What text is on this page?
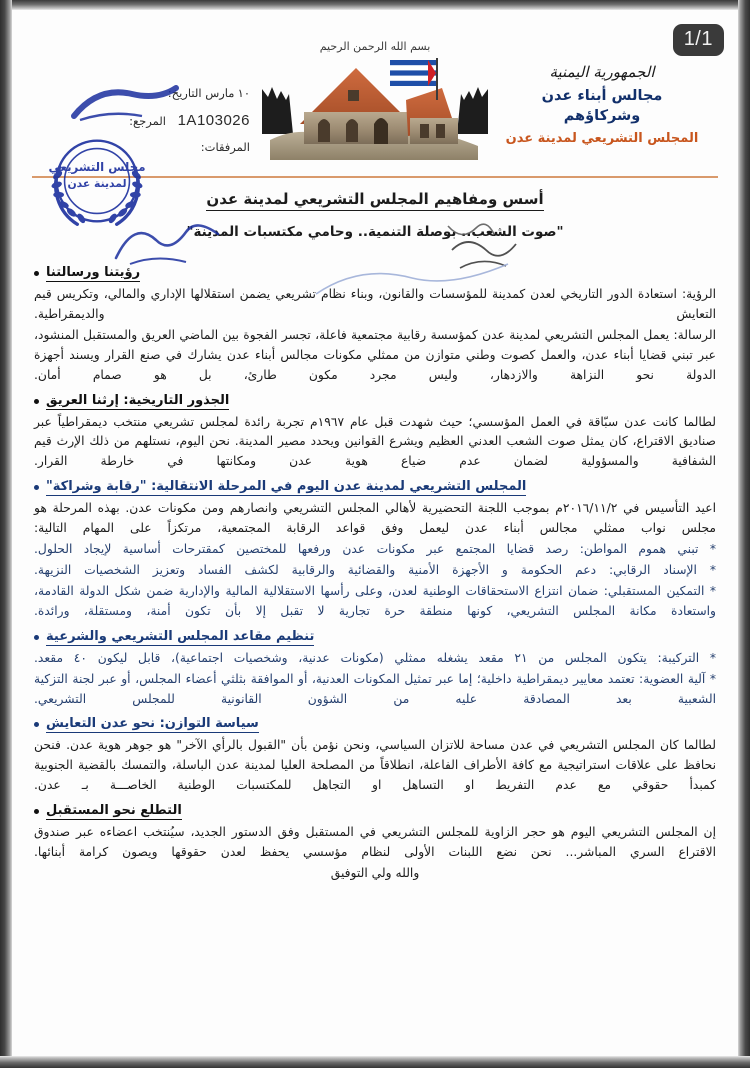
1/1
بسم الله الرحمن الرحيم
الجمهورية اليمنية
مجالس أبناء عدن وشركاؤهم
المجلس التشريعي لمدينة عدن
١٠ مارس التاريخ:
1A103026 المرجع:
المرفقات:
مجلس التشريعي
لمدينة عدن
أسس ومفاهيم المجلس التشريعي لمدينة عدن
"صوت الشعب.. بوصلة التنمية.. وحامي مكتسبات المدينة"
رؤيتنا ورسالتنا

الرؤية: استعادة الدور التاريخي لعدن كمدينة للمؤسسات والقانون، وبناء نظام تشريعي يضمن استقلالها الإداري والمالي، وتكريس قيم التعايش والديمقراطية.

الرسالة: يعمل المجلس التشريعي لمدينة عدن كمؤسسة رقابية مجتمعية فاعلة، تجسر الفجوة بين الماضي العريق والمستقبل المنشود، عبر تبني قضايا أبناء عدن، والعمل كصوت وطني متوازن من ممثلي مكونات مجالس أبناء عدن يشارك في صنع القرار ويسند أجهزة الدولة نحو النزاهة والازدهار، وليس مجرد مكون طارئ، بل هو صمام أمان.

الجذور التاريخية: إرثنا العريق

لطالما كانت عدن سبّاقة في العمل المؤسسي؛ حيث شهدت قبل عام ١٩٦٧م تجربة رائدة لمجلس تشريعي منتخب ديمقراطياً عبر صناديق الاقتراع، كان يمثل صوت الشعب العدني العظيم ويشرع القوانين ويحدد مصير المدينة. نحن اليوم، نستلهم من ذلك الإرث قيم الشفافية والمسؤولية لضمان عدم ضياع هوية عدن ومكانتها في خارطة القرار.

المجلس التشريعي لمدينة عدن اليوم في المرحلة الانتقالية: "رقابة وشراكة"

اعيد التأسيس في ٢٠١٦/١١/٢م بموجب اللجنة التحضيرية لأهالي المجلس التشريعي وانصارهم ومن مكونات عدن. بهذه المرحلة هو مجلس نواب ممثلي مجالس أبناء عدن ليعمل وفق قواعد الرقابة المجتمعية، مرتكزاً على المهام التالية:

* تبني هموم المواطن: رصد قضايا المجتمع عبر مكونات عدن ورفعها للمختصين كمقترحات أساسية لإيجاد الحلول.

* الإسناد الرقابي: دعم الحكومة و الأجهزة الأمنية والقضائية والرقابية لكشف الفساد وتعزيز الشخصيات النزيهة.

* التمكين المستقبلي: ضمان انتزاع الاستحقاقات الوطنية لعدن، وعلى رأسها الاستقلالية المالية والإدارية ضمن شكل الدولة القادمة، واستعادة مكانة المجلس التشريعي، كونها منطقة حرة تجارية لا تقبل إلا بأن تكون أمنة، ومستقلة، ورائدة.

تنظيم مقاعد المجلس التشريعي والشرعية

* التركيبة: يتكون المجلس من ٢١ مقعد يشغله ممثلي (مكونات عدنية، وشخصيات اجتماعية)، قابل ليكون ٤٠ مقعد.

* آلية العضوية: تعتمد معايير ديمقراطية داخلية؛ إما عبر تمثيل المكونات العدنية، أو الموافقة بثلثي أعضاء المجلس، أو عبر لجنة التزكية الشعبية بعد المصادقة عليه من الشؤون القانونية للمجلس التشريعي.

سياسة التوازن: نحو عدن التعايش

لطالما كان المجلس التشريعي في عدن مساحة للاتزان السياسي، ونحن نؤمن بأن "القبول بالرأي الآخر" هو جوهر هوية عدن. فنحن نحافظ على علاقات استراتيجية مع كافة الأطراف الفاعلة، انطلاقاً من المصلحة العليا لمدينة عدن الباسلة، والتمسك بالقضية الجنوبية كمبدأ حقوقي مع عدم التفريط او التساهل او التجاهل للمكتسبات الوطنية الخاصـــة بـ عدن.

التطلع نحو المستقبل

إن المجلس التشريعي اليوم هو حجر الزاوية للمجلس التشريعي في المستقبل وفق الدستور الجديد، سيُنتخب اعضاءه عبر صندوق الاقتراع السري المباشر... نحن نضع اللبنات الأولى لنظام مؤسسي يحفظ لعدن حقوقها ويصون كرامة أبنائها.

والله ولي التوفيق
